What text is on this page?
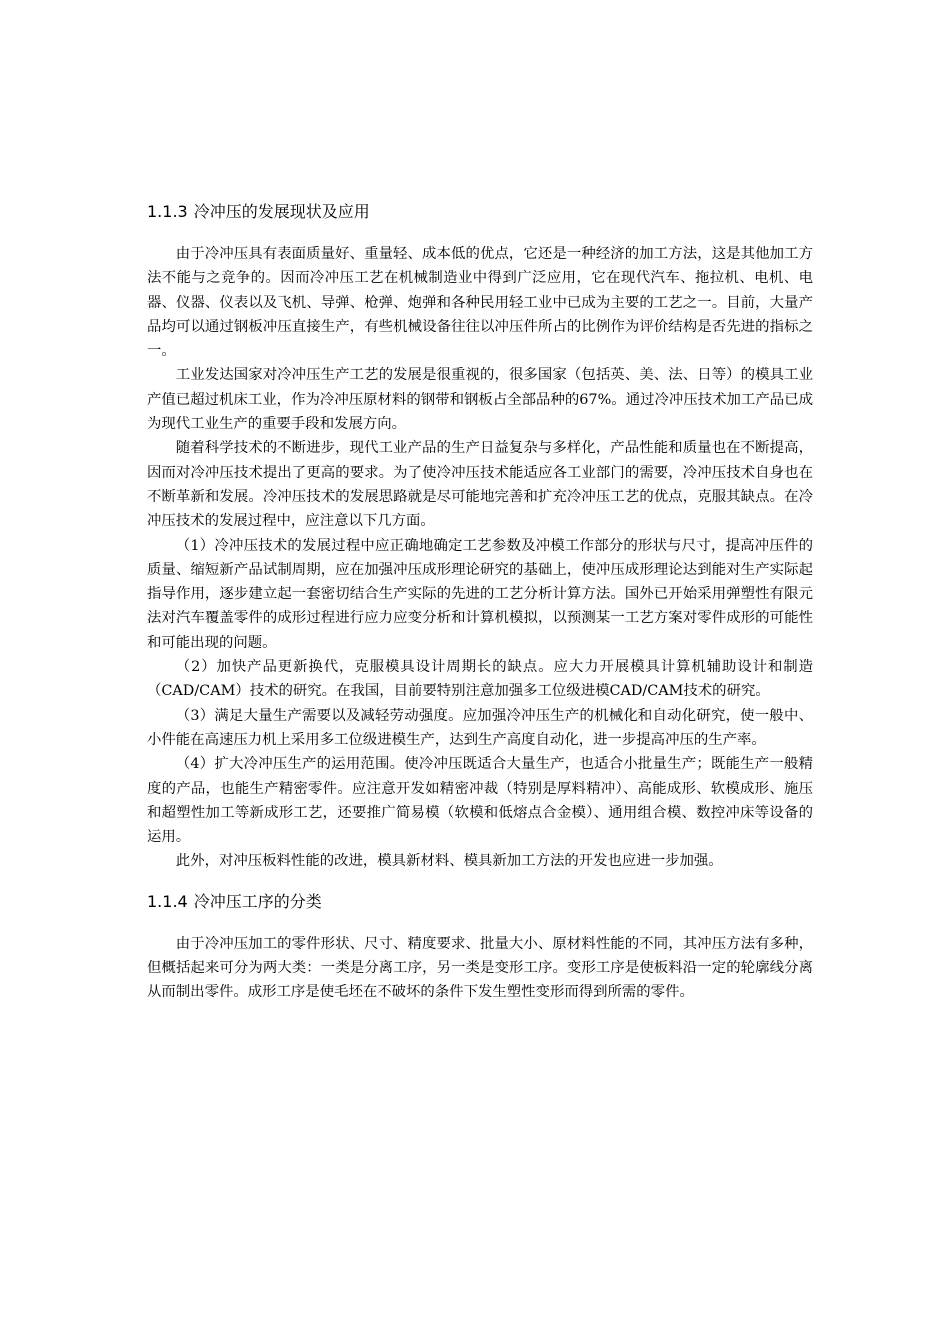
1.1.3 冷冲压的发展现状及应用

由于冷冲压具有表面质量好、重量轻、成本低的优点，它还是一种经济的加工方法，这是其他加工方法不能与之竞争的。因而冷冲压工艺在机械制造业中得到广泛应用，它在现代汽车、拖拉机、电机、电器、仪器、仪表以及飞机、导弹、枪弹、炮弹和各种民用轻工业中已成为主要的工艺之一。目前，大量产品均可以通过钢板冲压直接生产，有些机械设备往往以冲压件所占的比例作为评价结构是否先进的指标之一。

工业发达国家对冷冲压生产工艺的发展是很重视的，很多国家（包括英、美、法、日等）的模具工业产值已超过机床工业，作为冷冲压原材料的钢带和钢板占全部品种的67%。通过冷冲压技术加工产品已成为现代工业生产的重要手段和发展方向。

随着科学技术的不断进步，现代工业产品的生产日益复杂与多样化，产品性能和质量也在不断提高，因而对冷冲压技术提出了更高的要求。为了使冷冲压技术能适应各工业部门的需要，冷冲压技术自身也在不断革新和发展。冷冲压技术的发展思路就是尽可能地完善和扩充冷冲压工艺的优点，克服其缺点。在冷冲压技术的发展过程中，应注意以下几方面。

（1）冷冲压技术的发展过程中应正确地确定工艺参数及冲模工作部分的形状与尺寸，提高冲压件的质量、缩短新产品试制周期，应在加强冲压成形理论研究的基础上，使冲压成形理论达到能对生产实际起指导作用，逐步建立起一套密切结合生产实际的先进的工艺分析计算方法。国外已开始采用弹塑性有限元法对汽车覆盖零件的成形过程进行应力应变分析和计算机模拟，以预测某一工艺方案对零件成形的可能性和可能出现的问题。

（2）加快产品更新换代，克服模具设计周期长的缺点。应大力开展模具计算机辅助设计和制造（CAD/CAM）技术的研究。在我国，目前要特别注意加强多工位级进模CAD/CAM技术的研究。

（3）满足大量生产需要以及减轻劳动强度。应加强冷冲压生产的机械化和自动化研究，使一般中、小件能在高速压力机上采用多工位级进模生产，达到生产高度自动化，进一步提高冲压的生产率。

（4）扩大冷冲压生产的运用范围。使冷冲压既适合大量生产，也适合小批量生产；既能生产一般精度的产品，也能生产精密零件。应注意开发如精密冲裁（特别是厚料精冲）、高能成形、软模成形、施压和超塑性加工等新成形工艺，还要推广简易模（软模和低熔点合金模）、通用组合模、数控冲床等设备的运用。

此外，对冲压板料性能的改进，模具新材料、模具新加工方法的开发也应进一步加强。

1.1.4 冷冲压工序的分类

由于冷冲压加工的零件形状、尺寸、精度要求、批量大小、原材料性能的不同，其冲压方法有多种，但概括起来可分为两大类：一类是分离工序，另一类是变形工序。变形工序是使板料沿一定的轮廓线分离从而制出零件。成形工序是使毛坯在不破坏的条件下发生塑性变形而得到所需的零件。
